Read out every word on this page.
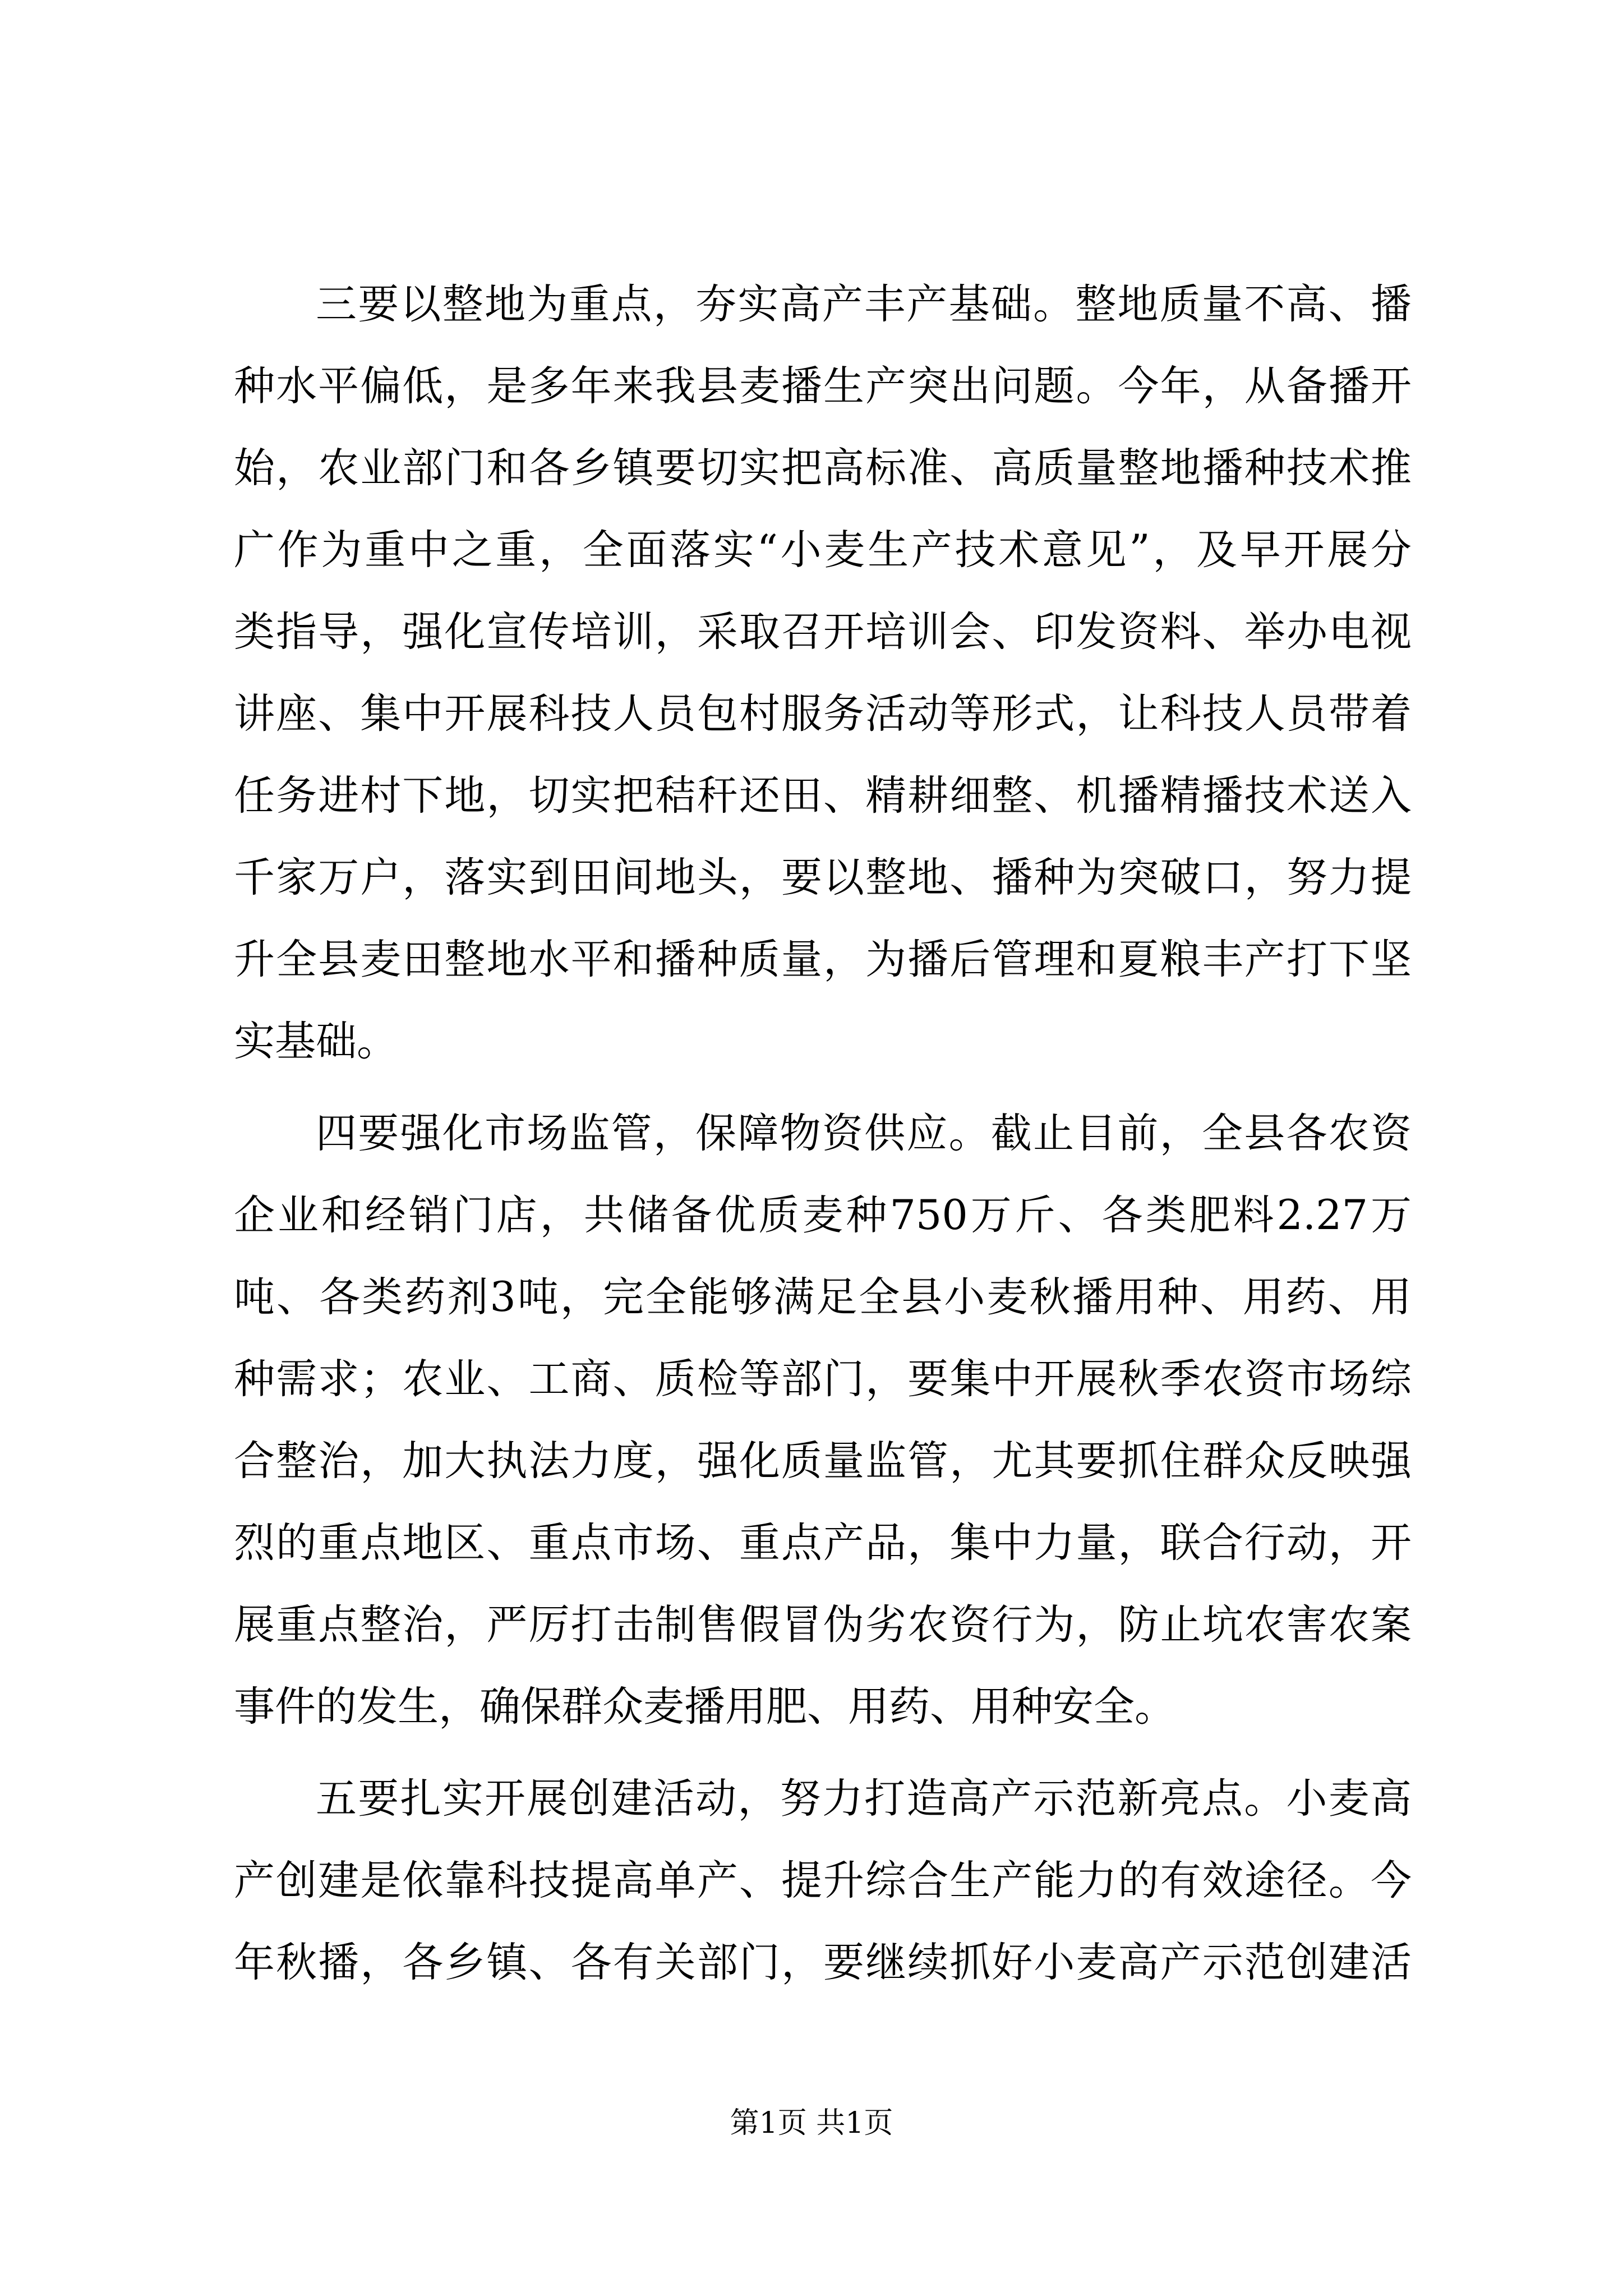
三要以整地为重点，夯实高产丰产基础。整地质量不高、播
种水平偏低，是多年来我县麦播生产突出问题。今年，从备播开
始，农业部门和各乡镇要切实把高标准、高质量整地播种技术推
广作为重中之重，全面落实“小麦生产技术意见”，及早开展分
类指导，强化宣传培训，采取召开培训会、印发资料、举办电视
讲座、集中开展科技人员包村服务活动等形式，让科技人员带着
任务进村下地，切实把秸秆还田、精耕细整、机播精播技术送入
千家万户，落实到田间地头，要以整地、播种为突破口，努力提
升全县麦田整地水平和播种质量，为播后管理和夏粮丰产打下坚
实基础。

四要强化市场监管，保障物资供应。截止目前，全县各农资
企业和经销门店，共储备优质麦种750万斤、各类肥料2.27万
吨、各类药剂3吨，完全能够满足全县小麦秋播用种、用药、用
种需求；农业、工商、质检等部门，要集中开展秋季农资市场综
合整治，加大执法力度，强化质量监管，尤其要抓住群众反映强
烈的重点地区、重点市场、重点产品，集中力量，联合行动，开
展重点整治，严厉打击制售假冒伪劣农资行为，防止坑农害农案
事件的发生，确保群众麦播用肥、用药、用种安全。

五要扎实开展创建活动，努力打造高产示范新亮点。小麦高
产创建是依靠科技提高单产、提升综合生产能力的有效途径。今
年秋播，各乡镇、各有关部门，要继续抓好小麦高产示范创建活

第1页 共1页
